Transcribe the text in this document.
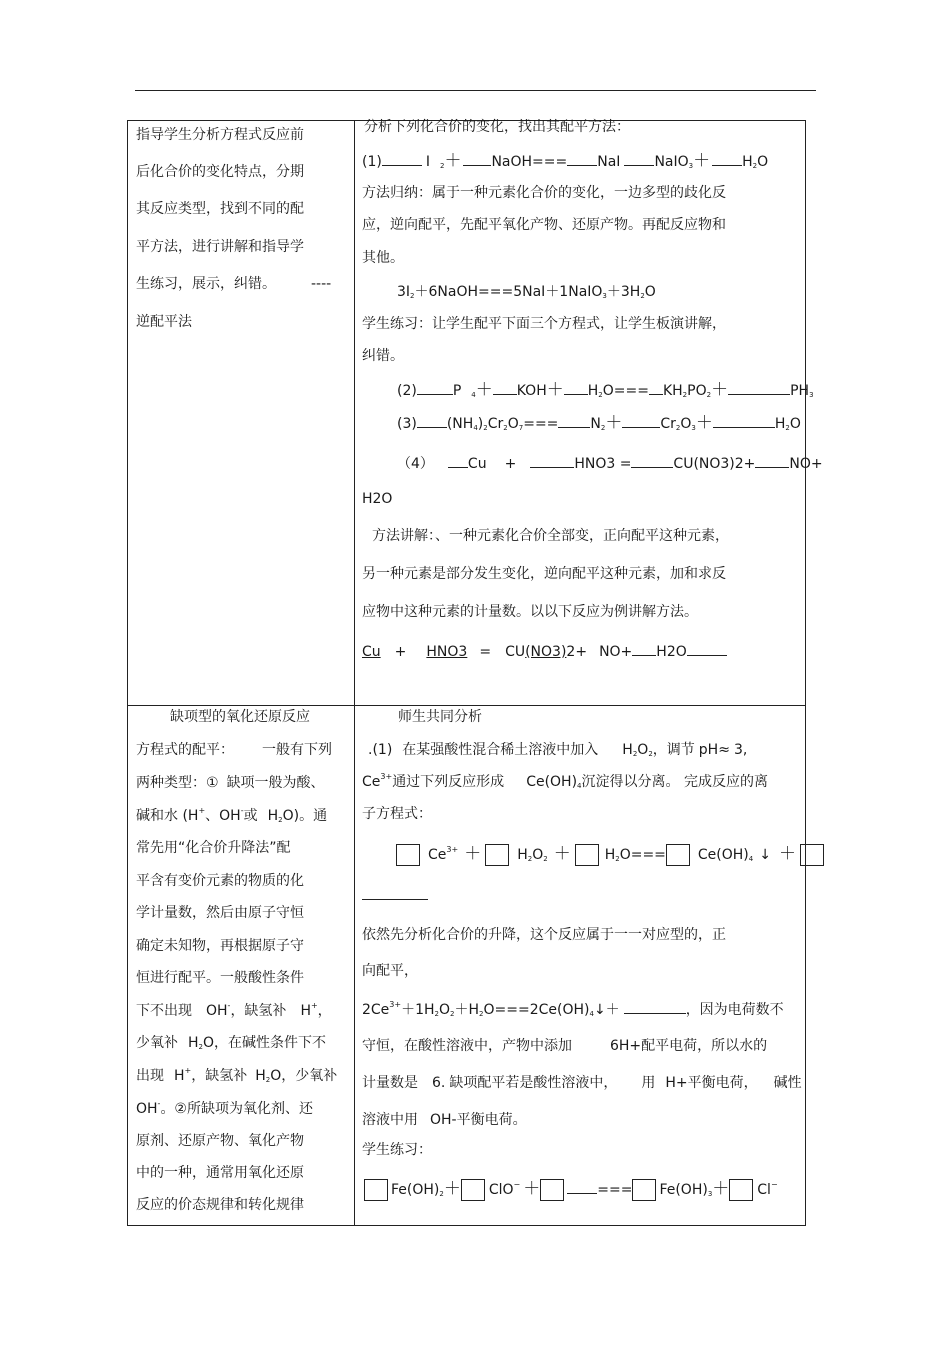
指导学生分析方程式反应前
后化合价的变化特点，分期
其反应类型，找到不同的配
平方法，进行讲解和指导学
生练习，展示，纠错。	----
逆配平法
分析下列化合价的变化，找出其配平方法：
(1)	I 2＋ NaOH=== NaI NaIO3＋ H2O
方法归纳：属于一种元素化合价的变化，一边多型的歧化反
应，逆向配平，先配平氧化产物、还原产物。再配反应物和
其他。
3I2＋6NaOH===5NaI＋1NaIO3＋3H2O
学生练习：让学生配平下面三个方程式，让学生板演讲解，
纠错。
(2)	P 4＋ KOH＋ H2O=== KH2PO2＋	PH3
(3) (NH4)2Cr2O7=== N2＋	Cr2O3＋	H2O
（4） Cu +	HNO3 =	CU(NO3)2+ NO+
H2O
方法讲解：、一种元素化合价全部变，正向配平这种元素，
另一种元素是部分发生变化，逆向配平这种元素，加和求反
应物中这种元素的计量数。以以下反应为例讲解方法。
Cu + HNO3 = CU(NO3)2+ NO+ H2O
缺项型的氧化还原反应
方程式的配平： 一般有下列
两种类型：① 缺项一般为酸、
碱和水 (H+、OH-或 H2O)。通
常先用“化合价升降法”配
平含有变价元素的物质的化
学计量数，然后由原子守恒
确定未知物，再根据原子守
恒进行配平。一般酸性条件
下不出现 OH-，缺氢补 H+，
少氧补 H2O，在碱性条件下不
出现 H+，缺氢补 H2O，少氧补
OH-。②所缺项为氧化剂、还
原剂、还原产物、氧化产物
中的一种，通常用氧化还原
反应的价态规律和转化规律
师生共同分析
.(1) 在某强酸性混合稀土溶液中加入 H2O2，调节 pH≈ 3,
$Ce^{3+}$通过下列反应形成 Ce(OH)4沉淀得以分离。 完成反应的离
子方程式：
$Ce^{3+}$ ＋	H2O2 ＋ H2O=== Ce(OH)4 ↓ ＋
依然先分析化合价的升降，这个反应属于一一对应型的，正
向配平，
$2Ce^{3+}+1H2O2+H2O===2Ce(OH)4↓+$	，因为电荷数不
守恒，在酸性溶液中，产物中添加	6H+配平电荷，所以水的
计量数是 6. 缺项配平若是酸性溶液中， 用 H+平衡电荷， 碱性
溶液中用 OH-平衡电荷。
学生练习：
Fe(OH)2＋ ClO− ＋	=== Fe(OH)3＋ Cl−
